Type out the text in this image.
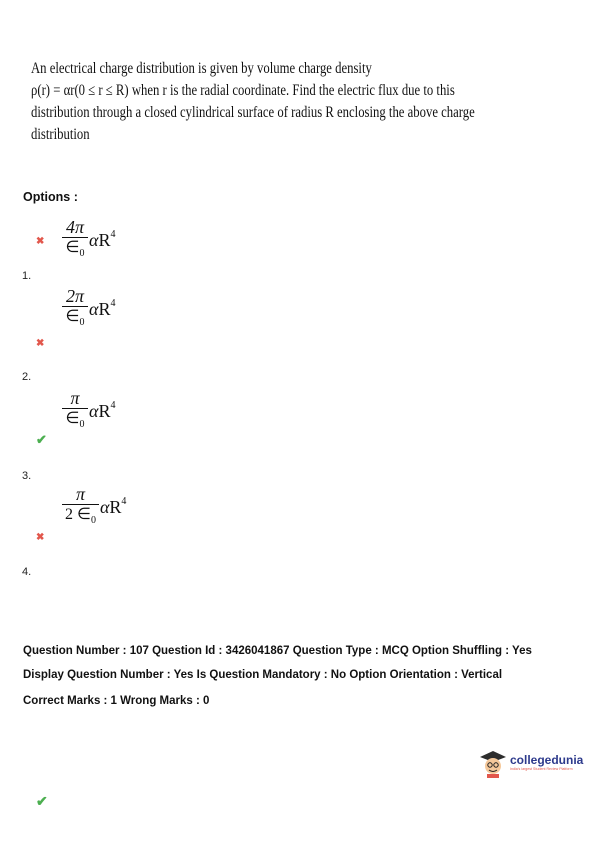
An electrical charge distribution is given by volume charge density
ρ(r) = αr(0 ≤ r ≤ R) when r is the radial coordinate. Find the electric flux due to this
distribution through a closed cylindrical surface of radius R enclosing the above charge
distribution
Options :
✖ $\frac{4\pi}{\in_0} \alpha R^4$
1.
$\frac{2\pi}{\in_0} \alpha R^4$
✖
2.
$\frac{\pi}{\in_0} \alpha R^4$
✔
3.
$\frac{\pi}{2 \in_0} \alpha R^4$
✖
4.
Question Number : 107 Question Id : 3426041867 Question Type : MCQ Option Shuffling : Yes
Display Question Number : Yes Is Question Mandatory : No Option Orientation : Vertical
Correct Marks : 1 Wrong Marks : 0
collegedunia
India's largest Student Review Platform
✔
